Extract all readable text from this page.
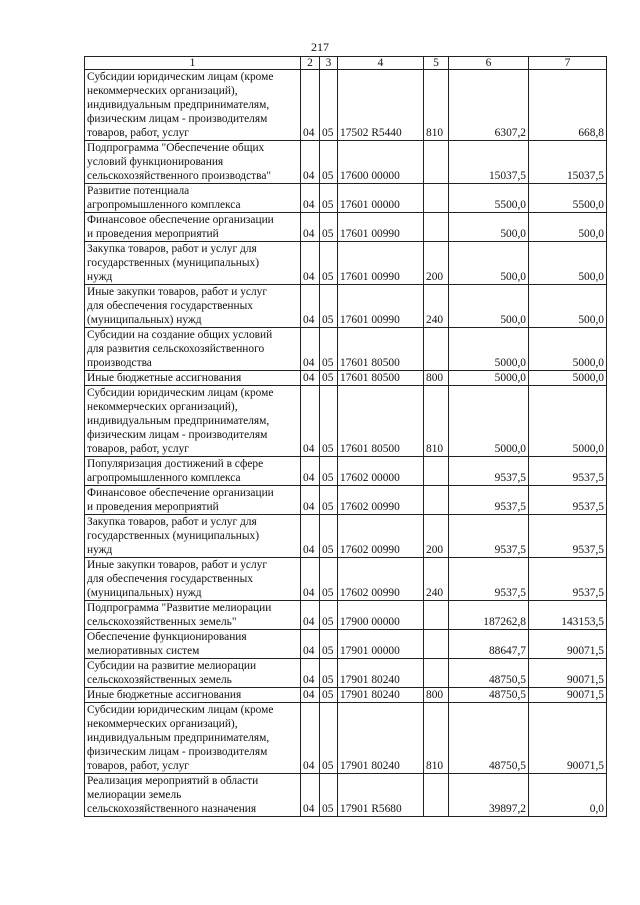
217
1	2	3	4	5	6	7
Субсидии юридическим лицам (кроме
некоммерческих организаций),
индивидуальным предпринимателям,
физическим лицам - производителям
товаров, работ, услуг	04	05	17502 R5440	810	6307,2	668,8
Подпрограмма "Обеспечение общих
условий функционирования
сельскохозяйственного производства"	04	05	17600 00000		15037,5	15037,5
Развитие потенциала
агропромышленного комплекса	04	05	17601 00000		5500,0	5500,0
Финансовое обеспечение организации
и проведения мероприятий	04	05	17601 00990		500,0	500,0
Закупка товаров, работ и услуг для
государственных (муниципальных)
нужд	04	05	17601 00990	200	500,0	500,0
Иные закупки товаров, работ и услуг
для обеспечения государственных
(муниципальных) нужд	04	05	17601 00990	240	500,0	500,0
Субсидии на создание общих условий
для развития сельскохозяйственного
производства	04	05	17601 80500		5000,0	5000,0
Иные бюджетные ассигнования	04	05	17601 80500	800	5000,0	5000,0
Субсидии юридическим лицам (кроме
некоммерческих организаций),
индивидуальным предпринимателям,
физическим лицам - производителям
товаров, работ, услуг	04	05	17601 80500	810	5000,0	5000,0
Популяризация достижений в сфере
агропромышленного комплекса	04	05	17602 00000		9537,5	9537,5
Финансовое обеспечение организации
и проведения мероприятий	04	05	17602 00990		9537,5	9537,5
Закупка товаров, работ и услуг для
государственных (муниципальных)
нужд	04	05	17602 00990	200	9537,5	9537,5
Иные закупки товаров, работ и услуг
для обеспечения государственных
(муниципальных) нужд	04	05	17602 00990	240	9537,5	9537,5
Подпрограмма "Развитие мелиорации
сельскохозяйственных земель"	04	05	17900 00000		187262,8	143153,5
Обеспечение функционирования
мелиоративных систем	04	05	17901 00000		88647,7	90071,5
Субсидии на развитие мелиорации
сельскохозяйственных земель	04	05	17901 80240		48750,5	90071,5
Иные бюджетные ассигнования	04	05	17901 80240	800	48750,5	90071,5
Субсидии юридическим лицам (кроме
некоммерческих организаций),
индивидуальным предпринимателям,
физическим лицам - производителям
товаров, работ, услуг	04	05	17901 80240	810	48750,5	90071,5
Реализация мероприятий в области
мелиорации земель
сельскохозяйственного назначения	04	05	17901 R5680		39897,2	0,0
